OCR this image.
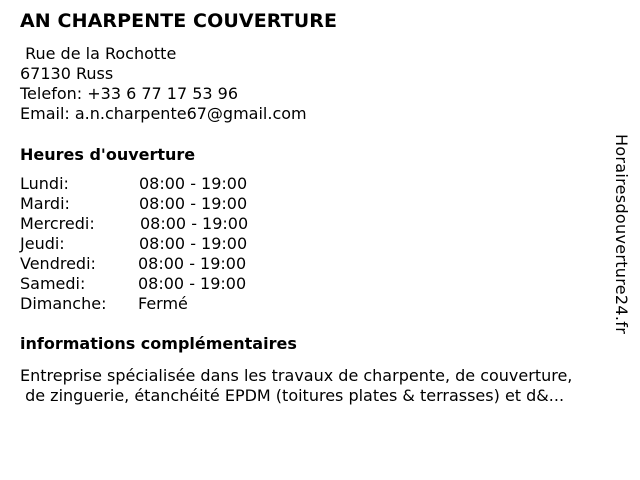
AN CHARPENTE COUVERTURE
Rue de la Rochotte
67130 Russ
Telefon: +33 6 77 17 53 96
Email: a.n.charpente67@gmail.com
Heures d'ouverture
Lundi:	08:00 - 19:00
Mardi:	08:00 - 19:00
Mercredi:	08:00 - 19:00
Jeudi:	08:00 - 19:00
Vendredi:	08:00 - 19:00
Samedi:	08:00 - 19:00
Dimanche: Fermé
informations complémentaires
Entreprise spécialisée dans les travaux de charpente, de couverture,
de zinguerie, étanchéité EPDM (toitures plates & terrasses) et d&...
Horairesdouverture24.fr
